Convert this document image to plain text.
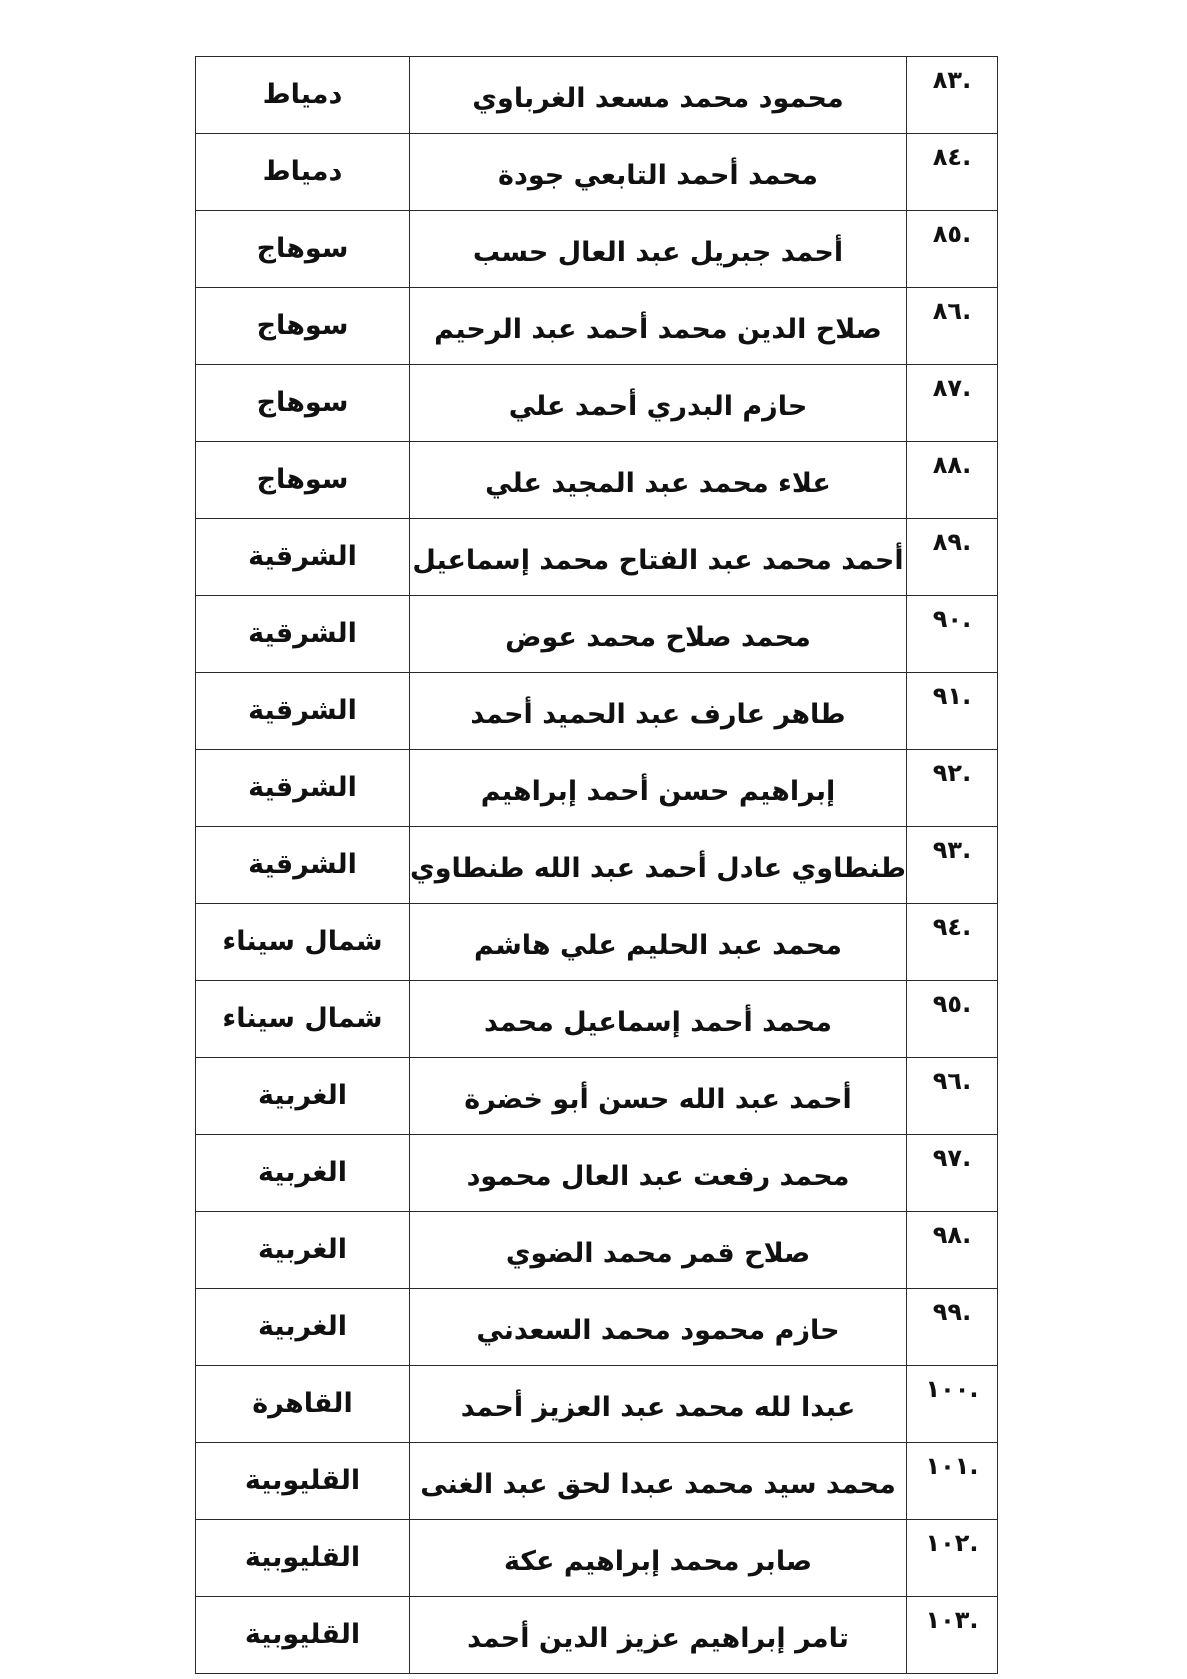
.٨٣	محمود محمد مسعد الغرباوي	دمياط
.٨٤	محمد أحمد التابعي جودة	دمياط
.٨٥	أحمد جبريل عبد العال حسب	سوهاج
.٨٦	صلاح الدين محمد أحمد عبد الرحيم	سوهاج
.٨٧	حازم البدري أحمد علي	سوهاج
.٨٨	علاء محمد عبد المجيد علي	سوهاج
.٨٩	أحمد محمد عبد الفتاح محمد إسماعيل	الشرقية
.٩٠	محمد صلاح محمد عوض	الشرقية
.٩١	طاهر عارف عبد الحميد أحمد	الشرقية
.٩٢	إبراهيم حسن أحمد إبراهيم	الشرقية
.٩٣	طنطاوي عادل أحمد عبد الله طنطاوي	الشرقية
.٩٤	محمد عبد الحليم علي هاشم	شمال سيناء
.٩٥	محمد أحمد إسماعيل محمد	شمال سيناء
.٩٦	أحمد عبد الله حسن أبو خضرة	الغربية
.٩٧	محمد رفعت عبد العال محمود	الغربية
.٩٨	صلاح قمر محمد الضوي	الغربية
.٩٩	حازم محمود محمد السعدني	الغربية
.١٠٠	عبدا لله محمد عبد العزيز أحمد	القاهرة
.١٠١	محمد سيد محمد عبدا لحق عبد الغنى	القليوبية
.١٠٢	صابر محمد إبراهيم عكة	القليوبية
.١٠٣	تامر إبراهيم عزيز الدين أحمد	القليوبية
